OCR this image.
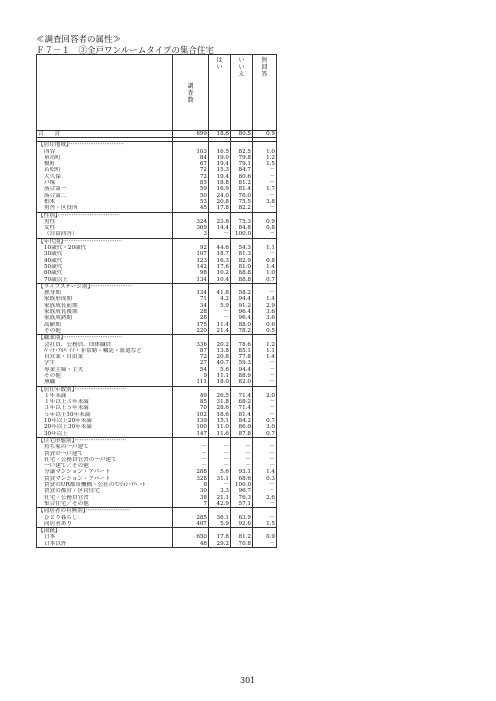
≪調査回答者の属性≫
Ｆ７－１　③全戸ワンルームタイプの集合住宅

	調査数	はい	いいえ	無回答

合　　計	699	18.6	80.5	0.9

【居住地域】·······························				
四谷	103	16.5	82.5	1.0
箪笥町	84	19.0	79.8	1.2
榎町	67	19.4	79.1	1.5
若松町	72	15.3	84.7	－
大久保	72	19.4	80.6	－
戸塚	85	18.8	81.2	－
落合第一	59	16.9	81.4	1.7
落合第二	50	24.0	76.0	－
柏木	53	20.8	75.5	3.8
角筈・区役所	45	17.8	82.2	－
【性別】···································				
男性	324	23.8	75.3	0.9
女性	369	14.4	84.8	0.8
（自由回答）	3	－	100.0	－
【年代別】·································				
10歳代・20歳代	92	44.6	54.3	1.1
30歳代	107	18.7	81.3	－
40歳代	123	16.3	82.9	0.8
50歳代	142	17.6	81.0	1.4
60歳代	98	10.2	88.8	1.0
70歳以上	134	10.4	88.8	0.7
【ライフステージ別】·······················				
独身期	134	41.8	58.2	－
家族形成期	71	4.2	94.4	1.4
家族成長前期	34	5.9	91.2	2.9
家族成長後期	28	－	96.4	3.6
家族成熟期	28	－	96.4	3.6
高齢期	175	11.4	88.0	0.6
その他	220	21.4	78.2	0.5
【職業別】·································				
会社員、公務員、団体職員	336	20.2	78.6	1.2
ﾊﾟｰﾄ･ｱﾙﾊﾞｲﾄ・非常勤・嘱託・派遣など	87	13.8	85.1	1.1
自営業・自由業	72	20.8	77.8	1.4
学生	27	40.7	59.3	－
専業主婦・主夫	54	5.6	94.4	－
その他	9	11.1	88.9	－
無職	111	18.0	82.0	－
【居住年数別】·····························				
１年未満	49	26.5	71.4	2.0
１年以上３年未満	85	31.8	68.2	－
３年以上５年未満	70	28.6	71.4	－
５年以上10年未満	102	18.6	81.4	－
10年以上20年未満	139	15.1	84.2	0.7
20年以上30年未満	100	11.0	86.0	3.0
30年以上	147	11.6	87.8	0.7
【住宅形態別】·····························				
持ち家の一戸建て	－	－	－	－
賃貸の一戸建て	－	－	－	－
社宅・公務員官舎の一戸建て	－	－	－	－
一戸建て／その他	－	－	－	－
分譲マンション・アパート	288	5.6	93.1	1.4
賃貸マンション・アパート	328	31.1	68.6	0.3
賃貸のUR都市機構・公社のﾏﾝｼｮﾝ･ｱﾊﾟｰﾄ	8	－	100.0	－
賃貸の都営・区営住宅	30	3.3	96.7	－
社宅・公務員官舎	38	21.1	76.3	2.6
集合住宅／その他	7	42.9	57.1	－
【同居者の有無別】·························				
ひとり暮らし	285	36.1	63.9	－
同居者あり	407	5.9	92.6	1.5
【国籍】				
日本	650	17.8	81.2	0.9
日本以外	48	29.2	70.8	－
301
